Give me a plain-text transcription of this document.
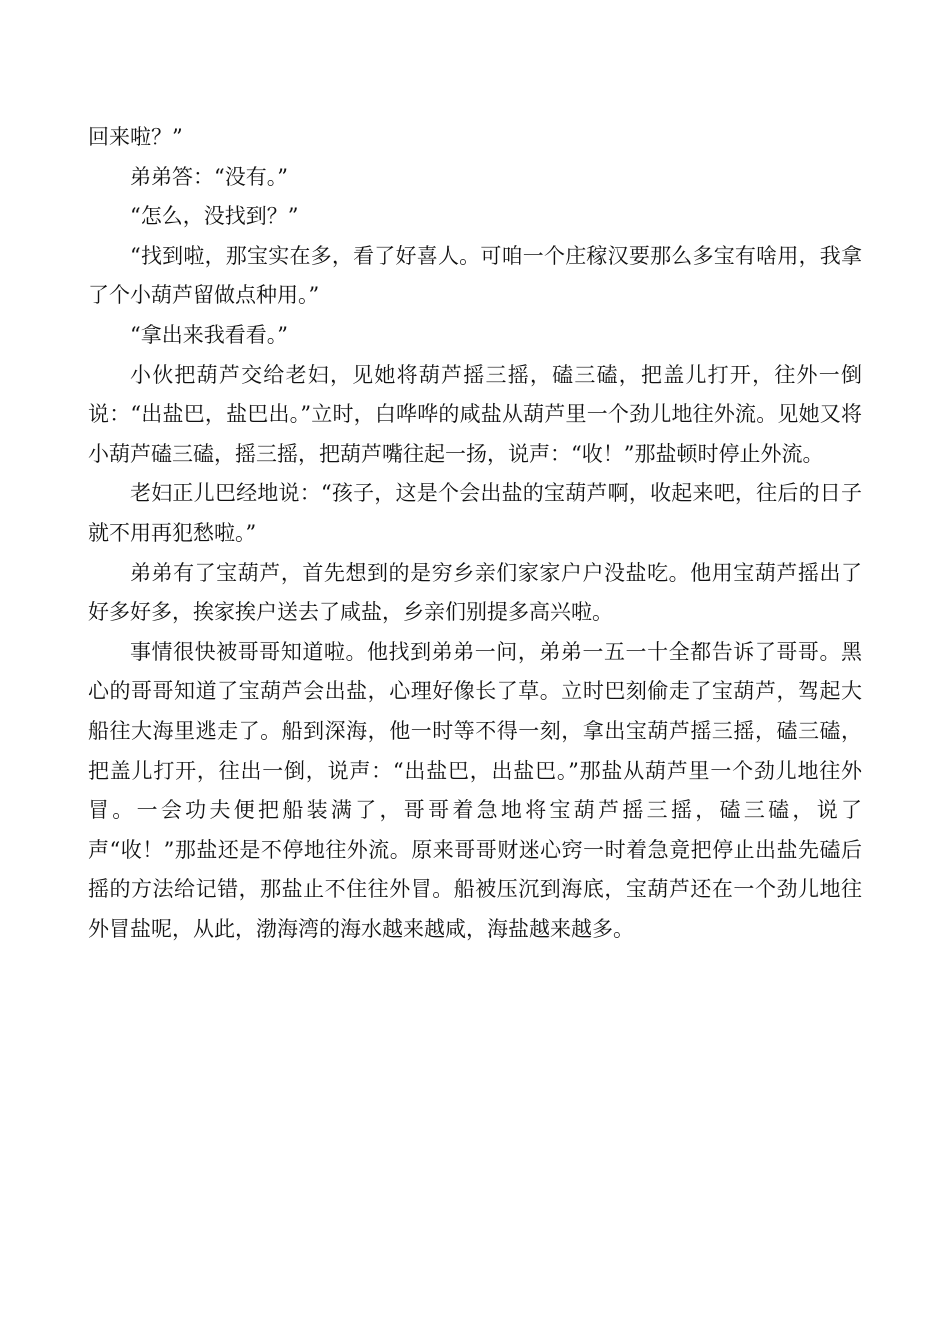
回来啦？”

弟弟答：“没有。”

“怎么，没找到？”

“找到啦，那宝实在多，看了好喜人。可咱一个庄稼汉要那么多宝有啥用，我拿了个小葫芦留做点种用。”

“拿出来我看看。”

小伙把葫芦交给老妇，见她将葫芦摇三摇，磕三磕，把盖儿打开，往外一倒说：“出盐巴，盐巴出。”立时，白哗哗的咸盐从葫芦里一个劲儿地往外流。见她又将小葫芦磕三磕，摇三摇，把葫芦嘴往起一扬，说声：“收！”那盐顿时停止外流。

老妇正儿巴经地说：“孩子，这是个会出盐的宝葫芦啊，收起来吧，往后的日子就不用再犯愁啦。”

弟弟有了宝葫芦，首先想到的是穷乡亲们家家户户没盐吃。他用宝葫芦摇出了好多好多，挨家挨户送去了咸盐，乡亲们别提多高兴啦。

事情很快被哥哥知道啦。他找到弟弟一问，弟弟一五一十全都告诉了哥哥。黑心的哥哥知道了宝葫芦会出盐，心理好像长了草。立时巴刻偷走了宝葫芦，驾起大船往大海里逃走了。船到深海，他一时等不得一刻，拿出宝葫芦摇三摇，磕三磕，把盖儿打开，往出一倒，说声：“出盐巴，出盐巴。”那盐从葫芦里一个劲儿地往外冒。一会功夫便把船装满了，哥哥着急地将宝葫芦摇三摇，磕三磕，说了声“收！”那盐还是不停地往外流。原来哥哥财迷心窍一时着急竟把停止出盐先磕后摇的方法给记错，那盐止不住往外冒。船被压沉到海底，宝葫芦还在一个劲儿地往外冒盐呢，从此，渤海湾的海水越来越咸，海盐越来越多。
